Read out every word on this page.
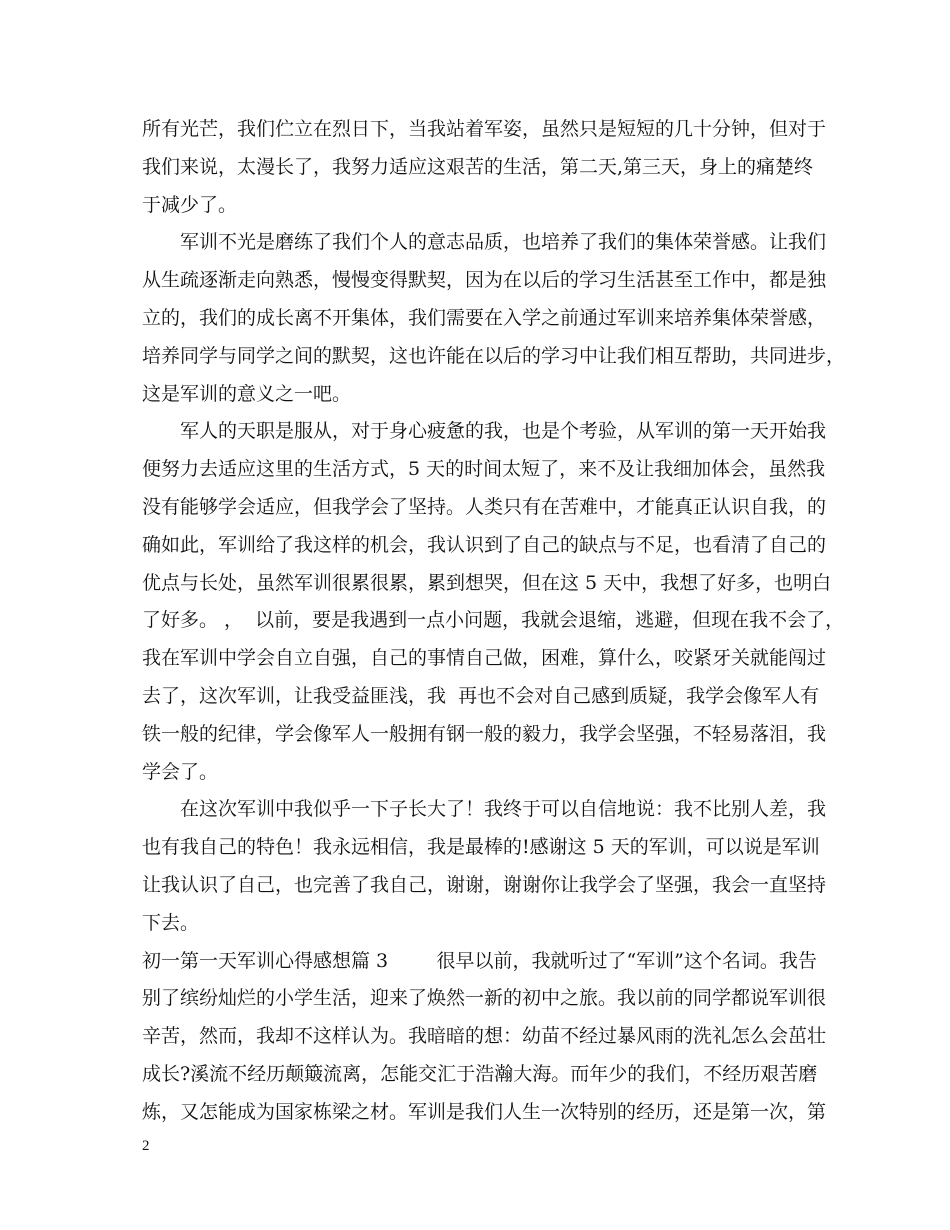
所有光芒，我们伫立在烈日下，当我站着军姿，虽然只是短短的几十分钟，但对于
我们来说，太漫长了，我努力适应这艰苦的生活，第二天,第三天，身上的痛楚终
于减少了。
军训不光是磨练了我们个人的意志品质，也培养了我们的集体荣誉感。让我们
从生疏逐渐走向熟悉，慢慢变得默契，因为在以后的学习生活甚至工作中，都是独
立的，我们的成长离不开集体，我们需要在入学之前通过军训来培养集体荣誉感，
培养同学与同学之间的默契，这也许能在以后的学习中让我们相互帮助，共同进步，
这是军训的意义之一吧。
军人的天职是服从，对于身心疲惫的我，也是个考验，从军训的第一天开始我
便努力去适应这里的生活方式，5 天的时间太短了，来不及让我细加体会，虽然我
没有能够学会适应，但我学会了坚持。人类只有在苦难中，才能真正认识自我，的
确如此，军训给了我这样的机会，我认识到了自己的缺点与不足，也看清了自己的
优点与长处，虽然军训很累很累，累到想哭，但在这 5 天中，我想了好多，也明白
了好多。 ，  以前，要是我遇到一点小问题，我就会退缩，逃避，但现在我不会了，
我在军训中学会自立自强，自己的事情自己做，困难，算什么，咬紧牙关就能闯过
去了，这次军训，让我受益匪浅，我  再也不会对自己感到质疑，我学会像军人有
铁一般的纪律，学会像军人一般拥有钢一般的毅力，我学会坚强，不轻易落泪，我
学会了。
在这次军训中我似乎一下子长大了！我终于可以自信地说：我不比别人差，我
也有我自己的特色！我永远相信，我是最棒的!感谢这 5 天的军训，可以说是军训
让我认识了自己，也完善了我自己，谢谢，谢谢你让我学会了坚强，我会一直坚持
下去。
初一第一天军训心得感想篇 3        很早以前，我就听过了“军训”这个名词。我告
别了缤纷灿烂的小学生活，迎来了焕然一新的初中之旅。我以前的同学都说军训很
辛苦，然而，我却不这样认为。我暗暗的想：幼苗不经过暴风雨的洗礼怎么会茁壮
成长?溪流不经历颠簸流离，怎能交汇于浩瀚大海。而年少的我们，不经历艰苦磨
炼，又怎能成为国家栋梁之材。军训是我们人生一次特别的经历，还是第一次，第
2
